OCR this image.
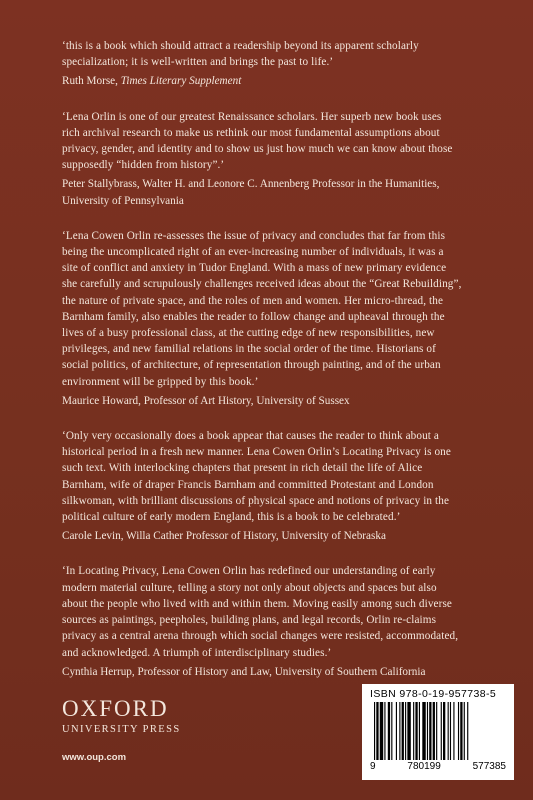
‘this is a book which should attract a readership beyond its apparent scholarly
specialization; it is well-written and brings the past to life.’
Ruth Morse, Times Literary Supplement
‘Lena Orlin is one of our greatest Renaissance scholars. Her superb new book uses
rich archival research to make us rethink our most fundamental assumptions about
privacy, gender, and identity and to show us just how much we can know about those
supposedly “hidden from history”.’
Peter Stallybrass, Walter H. and Leonore C. Annenberg Professor in the Humanities,
University of Pennsylvania
‘Lena Cowen Orlin re-assesses the issue of privacy and concludes that far from this
being the uncomplicated right of an ever-increasing number of individuals, it was a
site of conflict and anxiety in Tudor England. With a mass of new primary evidence
she carefully and scrupulously challenges received ideas about the “Great Rebuilding”,
the nature of private space, and the roles of men and women. Her micro-thread, the
Barnham family, also enables the reader to follow change and upheaval through the
lives of a busy professional class, at the cutting edge of new responsibilities, new
privileges, and new familial relations in the social order of the time. Historians of
social politics, of architecture, of representation through painting, and of the urban
environment will be gripped by this book.’
Maurice Howard, Professor of Art History, University of Sussex
‘Only very occasionally does a book appear that causes the reader to think about a
historical period in a fresh new manner. Lena Cowen Orlin’s Locating Privacy is one
such text. With interlocking chapters that present in rich detail the life of Alice
Barnham, wife of draper Francis Barnham and committed Protestant and London
silkwoman, with brilliant discussions of physical space and notions of privacy in the
political culture of early modern England, this is a book to be celebrated.’
Carole Levin, Willa Cather Professor of History, University of Nebraska
‘In Locating Privacy, Lena Cowen Orlin has redefined our understanding of early
modern material culture, telling a story not only about objects and spaces but also
about the people who lived with and within them. Moving easily among such diverse
sources as paintings, peepholes, building plans, and legal records, Orlin re-claims
privacy as a central arena through which social changes were resisted, accommodated,
and acknowledged. A triumph of interdisciplinary studies.’
Cynthia Herrup, Professor of History and Law, University of Southern California
OXFORD
UNIVERSITY PRESS
www.oup.com
ISBN 978-0-19-957738-5
9	780199	577385
